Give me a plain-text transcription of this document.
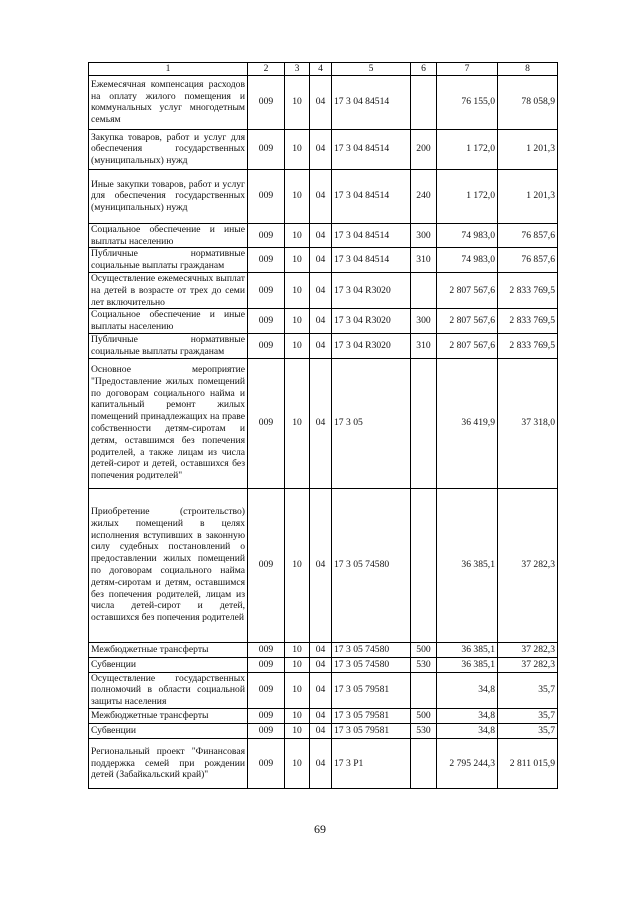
1	2	3	4	5	6	7	8
Ежемесячная компенсация расходов на оплату жилого помещения и коммунальных услуг многодетным семьям	009	10	04	17 3 04 84514		76 155,0	78 058,9
Закупка товаров, работ и услуг для обеспечения государственных (муниципальных) нужд	009	10	04	17 3 04 84514	200	1 172,0	1 201,3
Иные закупки товаров, работ и услуг для обеспечения государственных (муниципальных) нужд	009	10	04	17 3 04 84514	240	1 172,0	1 201,3
Социальное обеспечение и иные выплаты населению	009	10	04	17 3 04 84514	300	74 983,0	76 857,6
Публичные нормативные социальные выплаты гражданам	009	10	04	17 3 04 84514	310	74 983,0	76 857,6
Осуществление ежемесячных выплат на детей в возрасте от трех до семи лет включительно	009	10	04	17 3 04 R3020		2 807 567,6	2 833 769,5
Социальное обеспечение и иные выплаты населению	009	10	04	17 3 04 R3020	300	2 807 567,6	2 833 769,5
Публичные нормативные социальные выплаты гражданам	009	10	04	17 3 04 R3020	310	2 807 567,6	2 833 769,5
Основное мероприятие "Предоставление жилых помещений по договорам социального найма и капитальный ремонт жилых помещений принадлежащих на праве собственности детям-сиротам и детям, оставшимся без попечения родителей, а также лицам из числа детей-сирот и детей, оставшихся без попечения родителей"	009	10	04	17 3 05		36 419,9	37 318,0
Приобретение (строительство) жилых помещений в целях исполнения вступивших в законную силу судебных постановлений о предоставлении жилых помещений по договорам социального найма детям-сиротам и детям, оставшимся без попечения родителей, лицам из числа детей-сирот и детей, оставшихся без попечения родителей	009	10	04	17 3 05 74580		36 385,1	37 282,3
Межбюджетные трансферты	009	10	04	17 3 05 74580	500	36 385,1	37 282,3
Субвенции	009	10	04	17 3 05 74580	530	36 385,1	37 282,3
Осуществление государственных полномочий в области социальной защиты населения	009	10	04	17 3 05 79581		34,8	35,7
Межбюджетные трансферты	009	10	04	17 3 05 79581	500	34,8	35,7
Субвенции	009	10	04	17 3 05 79581	530	34,8	35,7
Региональный проект "Финансовая поддержка семей при рождении детей (Забайкальский край)"	009	10	04	17 3 P1		2 795 244,3	2 811 015,9
69
